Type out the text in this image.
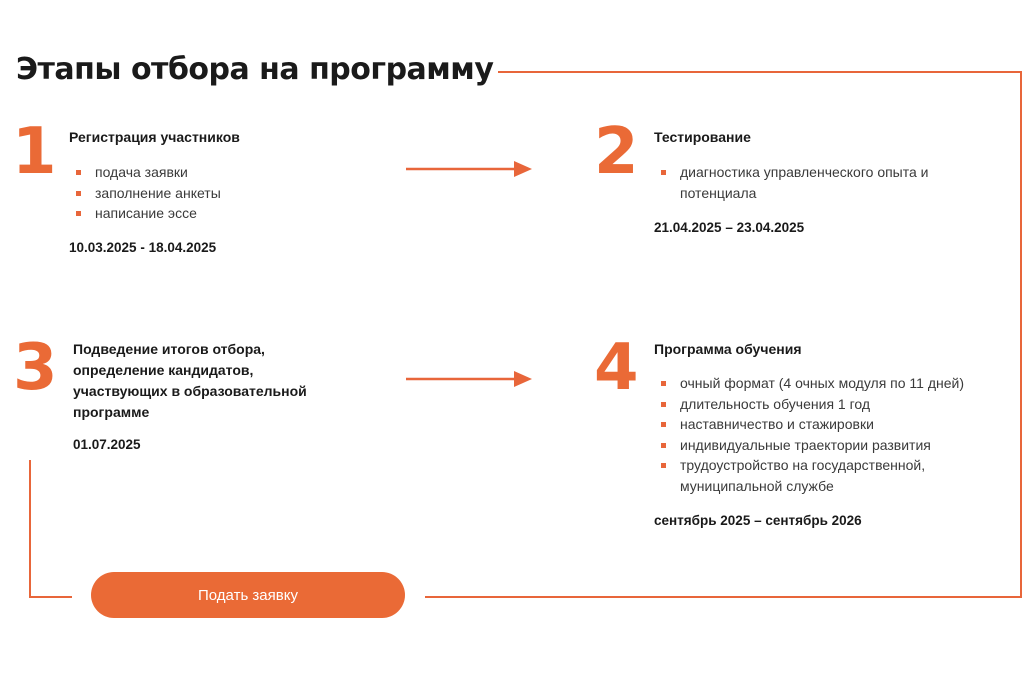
Этапы отбора на программу
1 Регистрация участников
подача заявки
заполнение анкеты
написание эссе
10.03.2025 - 18.04.2025
2 Тестирование
диагностика управленческого опыта и потенциала
21.04.2025 – 23.04.2025
3 Подведение итогов отбора, определение кандидатов, участвующих в образовательной программе
01.07.2025
4 Программа обучения
очный формат (4 очных модуля по 11 дней)
длительность обучения 1 год
наставничество и стажировки
индивидуальные траектории развития
трудоустройство на государственной, муниципальной службе
сентябрь 2025 – сентябрь 2026
Подать заявку
